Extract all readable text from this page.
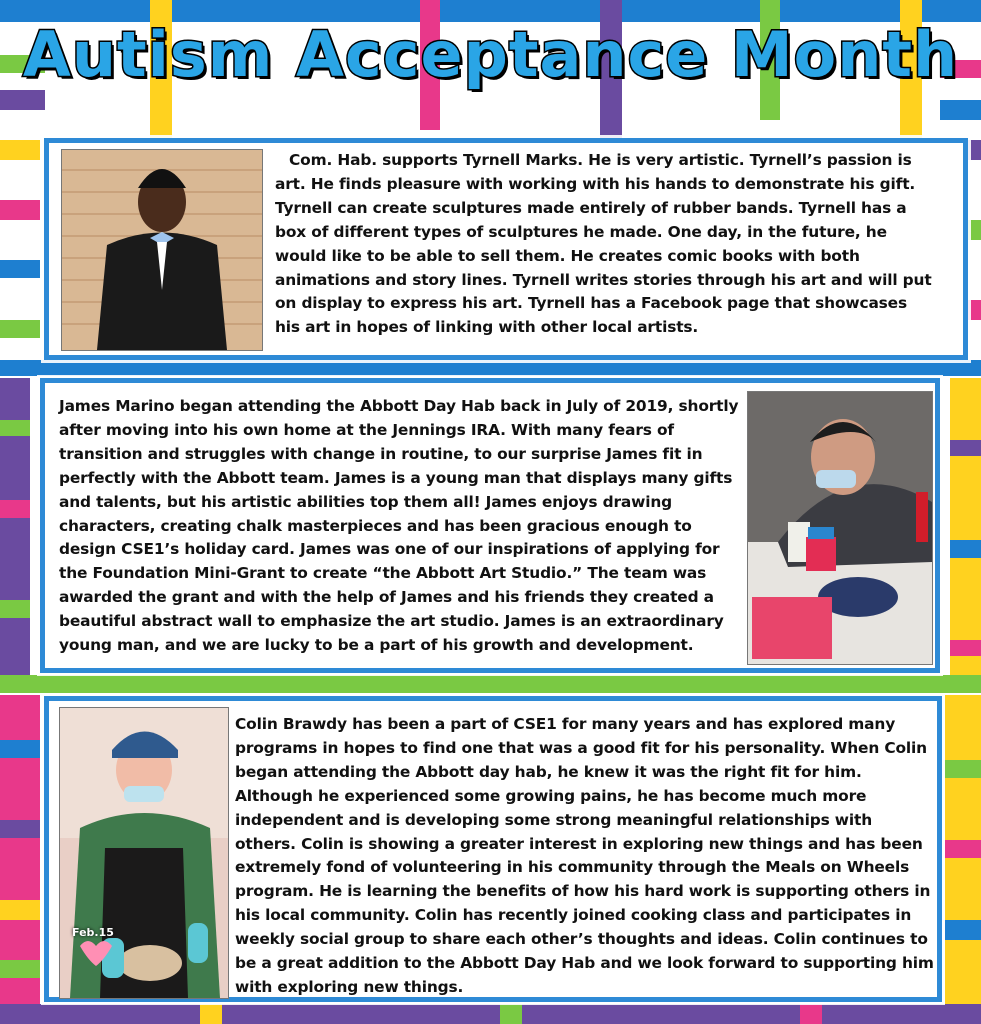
Autism Acceptance Month
Com. Hab. supports Tyrnell Marks. He is very artistic. Tyrnell’s passion is art. He finds pleasure with working with his hands to demonstrate his gift. Tyrnell can create sculptures made entirely of rubber bands. Tyrnell has a box of different types of sculptures he made. One day, in the future, he would like to be able to sell them. He creates comic books with both animations and story lines. Tyrnell writes stories through his art and will put on display to express his art. Tyrnell has a Facebook page that showcases his art in hopes of linking with other local artists.
James Marino began attending the Abbott Day Hab back in July of 2019, shortly after moving into his own home at the Jennings IRA. With many fears of transition and struggles with change in routine, to our surprise James fit in perfectly with the Abbott team. James is a young man that displays many gifts and talents, but his artistic abilities top them all! James enjoys drawing characters, creating chalk masterpieces and has been gracious enough to design CSE1’s holiday card. James was one of our inspirations of applying for the Foundation Mini-Grant to create “the Abbott Art Studio.” The team was awarded the grant and with the help of James and his friends they created a beautiful abstract wall to emphasize the art studio. James is an extraordinary young man, and we are lucky to be a part of his growth and development.
Feb.15
Colin Brawdy has been a part of CSE1 for many years and has explored many programs in hopes to find one that was a good fit for his personality. When Colin began attending the Abbott day hab, he knew it was the right fit for him. Although he experienced some growing pains, he has become much more independent and is developing some strong meaningful relationships with others. Colin is showing a greater interest in exploring new things and has been extremely fond of volunteering in his community through the Meals on Wheels program. He is learning the benefits of how his hard work is supporting others in his local community. Colin has recently joined cooking class and participates in weekly social group to share each other’s thoughts and ideas. Colin continues to be a great addition to the Abbott Day Hab and we look forward to supporting him with exploring new things.
